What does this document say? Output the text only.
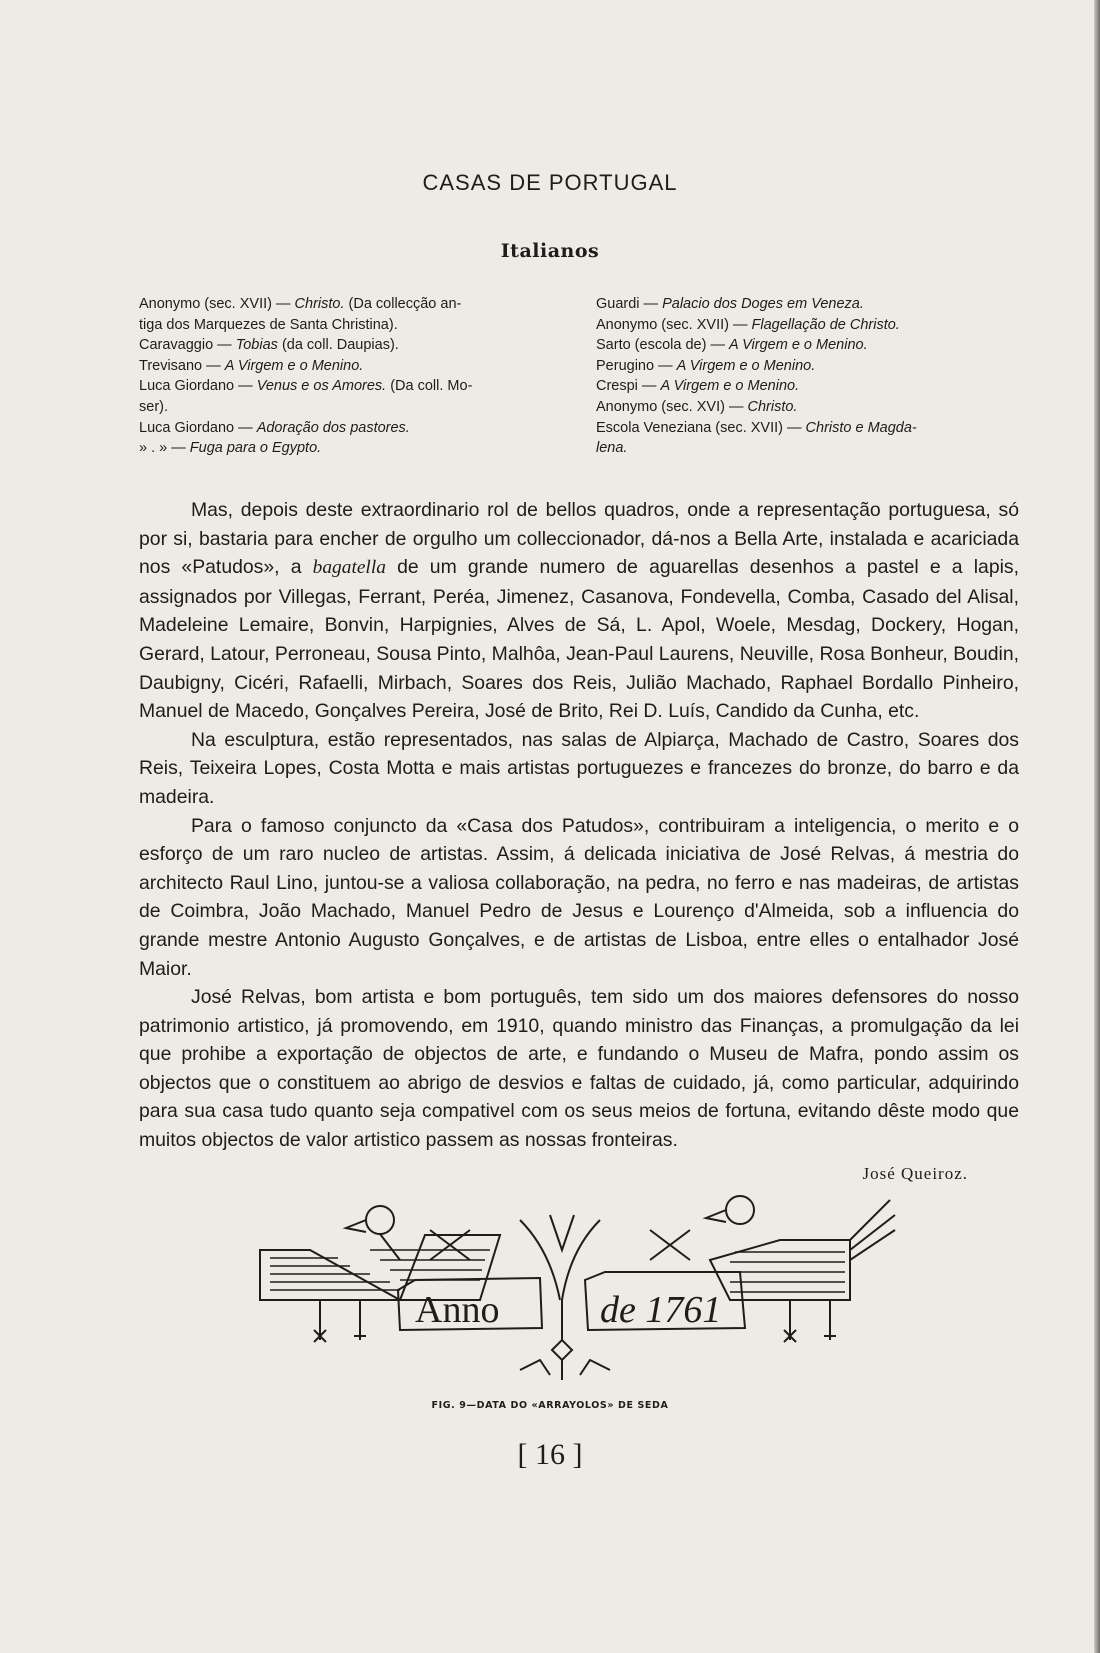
CASAS DE PORTUGAL
Italianos

Anonymo (sec. XVII) — Christo. (Da collecção an-

tiga dos Marquezes de Santa Christina).

Caravaggio — Tobias (da coll. Daupias).

Trevisano — A Virgem e o Menino.

Luca Giordano — Venus e os Amores. (Da coll. Mo-

ser).

Luca Giordano — Adoração dos pastores.

» . » — Fuga para o Egypto.

Guardi — Palacio dos Doges em Veneza.

Anonymo (sec. XVII) — Flagellação de Christo.

Sarto (escola de) — A Virgem e o Menino.

Perugino — A Virgem e o Menino.

Crespi — A Virgem e o Menino.

Anonymo (sec. XVI) — Christo.

Escola Veneziana (sec. XVII) — Christo e Magda-

lena.

Mas, depois deste extraordinario rol de bellos quadros, onde a representação portuguesa, só por si, bastaria para encher de orgulho um colleccionador, dá-nos a Bella Arte, instalada e acariciada nos «Patudos», a bagatella de um grande numero de aguarellas desenhos a pastel e a lapis, assignados por Villegas, Ferrant, Peréa, Jimenez, Casanova, Fondevella, Comba, Casado del Alisal, Madeleine Lemaire, Bonvin, Harpignies, Alves de Sá, L. Apol, Woele, Mesdag, Dockery, Hogan, Gerard, Latour, Perroneau, Sousa Pinto, Malhôa, Jean-Paul Laurens, Neuville, Rosa Bonheur, Boudin, Daubigny, Cicéri, Rafaelli, Mirbach, Soares dos Reis, Julião Machado, Raphael Bordallo Pinheiro, Manuel de Macedo, Gonçalves Pereira, José de Brito, Rei D. Luís, Candido da Cunha, etc.

Na esculptura, estão representados, nas salas de Alpiarça, Machado de Castro, Soares dos Reis, Teixeira Lopes, Costa Motta e mais artistas portuguezes e francezes do bronze, do barro e da madeira.

Para o famoso conjuncto da «Casa dos Patudos», contribuiram a inteligencia, o merito e o esforço de um raro nucleo de artistas. Assim, á delicada iniciativa de José Relvas, á mestria do architecto Raul Lino, juntou-se a valiosa collaboração, na pedra, no ferro e nas madeiras, de artistas de Coimbra, João Machado, Manuel Pedro de Jesus e Lourenço d'Almeida, sob a influencia do grande mestre Antonio Augusto Gonçalves, e de artistas de Lisboa, entre elles o entalhador José Maior.

José Relvas, bom artista e bom português, tem sido um dos maiores defensores do nosso patrimonio artistico, já promovendo, em 1910, quando ministro das Finanças, a promulgação da lei que prohibe a exportação de objectos de arte, e fundando o Museu de Mafra, pondo assim os objectos que o constituem ao abrigo de desvios e faltas de cuidado, já, como particular, adquirindo para sua casa tudo quanto seja compativel com os seus meios de fortuna, evitando dêste modo que muitos objectos de valor artistico passem as nossas fronteiras.

José Queiroz.
Anno	de 1761
FIG. 9—DATA DO «ARRAYOLOS» DE SEDA
[ 16 ]
